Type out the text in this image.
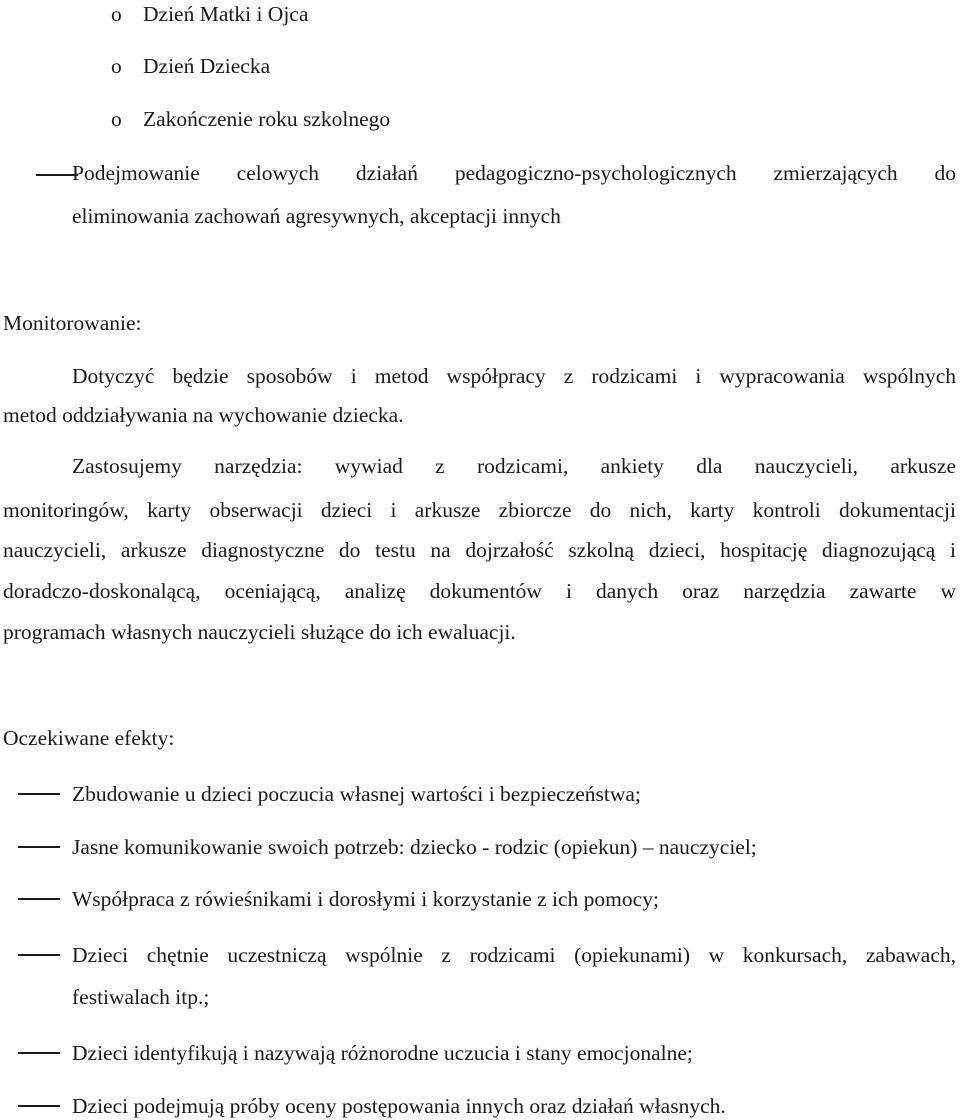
o Dzień Matki i Ojca
o Dzień Dziecka
o Zakończenie roku szkolnego
Podejmowanie celowych działań pedagogiczno-psychologicznych zmierzających do
eliminowania zachowań agresywnych, akceptacji innych
Monitorowanie:
Dotyczyć będzie sposobów i metod współpracy z rodzicami i wypracowania wspólnych
metod oddziaływania na wychowanie dziecka.
Zastosujemy narzędzia: wywiad z rodzicami, ankiety dla nauczycieli, arkusze
monitoringów, karty obserwacji dzieci i arkusze zbiorcze do nich, karty kontroli dokumentacji
nauczycieli, arkusze diagnostyczne do testu na dojrzałość szkolną dzieci, hospitację diagnozującą i
doradczo-doskonalącą, oceniającą, analizę dokumentów i danych oraz narzędzia zawarte w
programach własnych nauczycieli służące do ich ewaluacji.
Oczekiwane efekty:
Zbudowanie u dzieci poczucia własnej wartości i bezpieczeństwa;
Jasne komunikowanie swoich potrzeb: dziecko - rodzic (opiekun) – nauczyciel;
Współpraca z rówieśnikami i dorosłymi i korzystanie z ich pomocy;
Dzieci chętnie uczestniczą wspólnie z rodzicami (opiekunami) w konkursach, zabawach,
festiwalach itp.;
Dzieci identyfikują i nazywają różnorodne uczucia i stany emocjonalne;
Dzieci podejmują próby oceny postępowania innych oraz działań własnych.
